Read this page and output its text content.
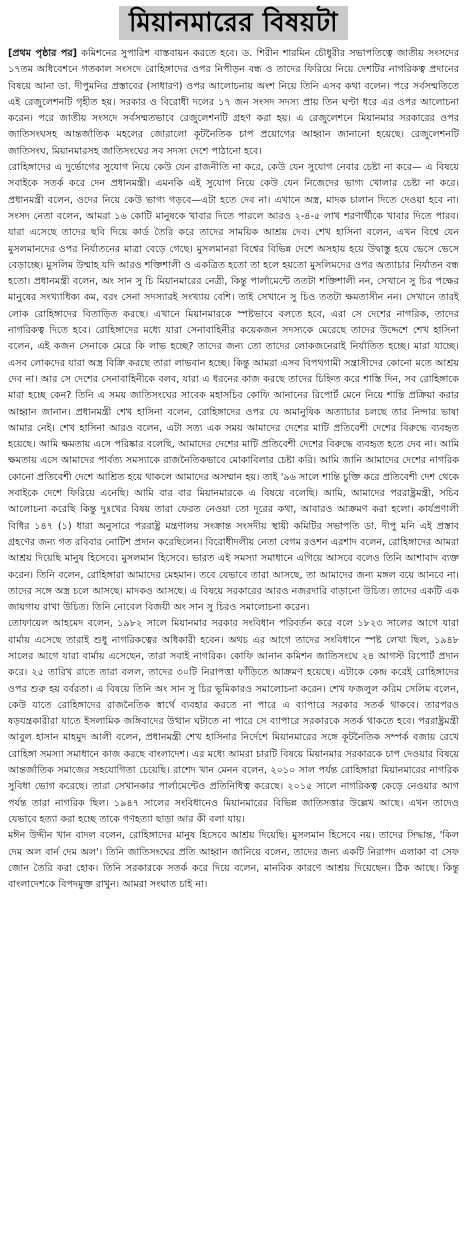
মিয়ানমারের বিষয়টা

[প্রথম পৃষ্ঠার পর] কমিশনের সুপারিশ বাস্তবায়ন করতে হবে। ড. শিরীন শারমিন চৌধুরীর সভাপতিত্বে জাতীয় সংসদের ১৭তম অধিবেশনে গতকাল সংসদে রোহিঙ্গাদের ওপর নিপীড়ন বন্ধ ও তাদের ফিরিয়ে নিয়ে দেশটির নাগরিকত্ব প্রদানের বিষয়ে আনা ডা. দীপুমনির প্রস্তাবের (সাধারণ) ওপর আলোচনায় অংশ নিয়ে তিনি এসব কথা বলেন। পরে সর্বসম্মতিতে এই রেজুলেশনটি গৃহীত হয়। সরকার ও বিরোধী দলের ১৭ জন সংসদ সদস্য প্রায় তিন ঘণ্টা ধরে এর ওপর আলোচনা করেন। পরে জাতীয় সংসদে সর্বসম্মতভাবে রেজুলেশনটি গ্রহণ করা হয়। এ রেজুলেশনে মিয়ানমার সরকারের ওপর জাতিসংঘসহ আন্তর্জাতিক মহলের জোরালো কূটনৈতিক চাপ প্রয়োগের আহ্বান জানানো হয়েছে। রেজুলেশনটি জাতিসংঘ, মিয়ানমারসহ জাতিসংঘের সব সদস্য দেশে পাঠানো হবে।

রোহিঙ্গাদের এ দুর্ভোগের সুযোগ নিয়ে কেউ যেন রাজনীতি না করে, কেউ যেন সুযোগ নেবার চেষ্টা না করে— এ বিষয়ে সবাইকে সতর্ক করে দেন প্রধানমন্ত্রী। এমনকি এই সুযোগ নিয়ে কেউ যেন নিজেদের ভাগ্য খোলার চেষ্টা না করে। প্রধানমন্ত্রী বলেন, ওদের নিয়ে কেউ ভাগ্য গড়বে—এটা হতে দেব না। এখানে অস্ত্র, মাদক চালান দিতে দেওয়া হবে না। সংসদ নেতা বলেন, আমরা ১৬ কোটি মানুষকে খাবার দিতে পারলে আরও ২-৪-৫ লাখ শরণার্থীকে খাবার দিতে পারব। যারা এসেছে তাদের ছবি দিয়ে কার্ড তৈরি করে তাদের সাময়িক আশ্রয় দেব। শেখ হাসিনা বলেন, এখন বিশ্বে যেন মুসলমানদের ওপর নির্যাতনের মাত্রা বেড়ে গেছে। মুসলমানরা বিশ্বের বিভিন্ন দেশে অসহায় হয়ে উদ্বাস্তু হয়ে ভেসে ভেসে বেড়াচ্ছে। মুসলিম উম্মাহ যদি আরও শক্তিশালী ও একত্রিত হতো তা হলে হয়তো মুসলিমদের ওপর অত্যাচার নির্যাতন বন্ধ হতো। প্রধানমন্ত্রী বলেন, অং সান সু চি মিয়ানমারের নেত্রী, কিন্তু পার্লামেন্টে ততটা শক্তিশালী নন, সেখানে সু চির পক্ষের মানুষের সংখ্যাধিক্য কম, বরং সেনা সদস্যারই সংখ্যায় বেশি। তাই সেখানে সু চিও ততটা ক্ষমতাসীন নন। সেখানে তারই লোক রোহিঙ্গাদের বিতাড়িত করছে। এখানে মিয়ানমারকে স্পষ্টভাবে বলতে হবে, এরা সে দেশের নাগরিক, তাদের নাগরিকত্ব দিতে হবে। রোহিঙ্গাদের মধ্যে যারা সেনাবাহিনীর কয়েকজন সদস্যকে মেরেছে তাদের উদ্দেশে শেখ হাসিনা বলেন, এই কজন সেনাকে মেরে কি লাভ হচ্ছে? তাদের জন্য তো তাদের লোকজনেরাই নির্যাতিত হচ্ছে। মারা যাচ্ছে। এসব লোকদের যারা অস্ত্র বিক্রি করছে তারা লাভবান হচ্ছে। কিন্তু আমরা এসব বিপথগামী সন্ত্রাসীদের কোনো মতে আশ্রয় দেব না। আর সে দেশের সেনাবাহিনীকে বলব, যারা এ ধরনের কাজ করছে তাদের চিহ্নিত করে শাস্তি দিন, সব রোহিঙ্গাকে মারা হচ্ছে কেন? তিনি এ সময় জাতিসংঘের সাবেক মহাসচিব কোফি আনানের রিপোর্ট মেনে নিয়ে শান্তি প্রক্রিয়া করার আহ্বান জানান। প্রধানমন্ত্রী শেখ হাসিনা বলেন, রোহিঙ্গাদের ওপর যে অমানুষিক অত্যাচার চলছে তার নিন্দার ভাষা আমার নেই। শেখ হাসিনা আরও বলেন, এটা সত্য এক সময় আমাদের দেশের মাটি প্রতিবেশী দেশের বিরুদ্ধে ব্যবহৃত হয়েছে। আমি ক্ষমতায় এসে পরিষ্কার বলেছি, আমাদের দেশের মাটি প্রতিবেশী দেশের বিরুদ্ধে ব্যবহৃত হতে দেব না। আমি ক্ষমতায় এসে আমাদের পার্বত্য সমস্যাকে রাজনৈতিকভাবে মোকাবিলার চেষ্টা করি। আমি জানি আমাদের দেশের নাগরিক কোনো প্রতিবেশী দেশে আশ্রিত হয়ে থাকলে আমাদের অসম্মান হয়। তাই '৯৬ সালে শান্তি চুক্তি করে প্রতিবেশী দেশ থেকে সবাইকে দেশে ফিরিয়ে এনেছি। আমি বার বার মিয়ানমারকে এ বিষয়ে বলেছি। আমি, আমাদের পররাষ্ট্রমন্ত্রী, সচিব আলোচনা করেছি কিন্তু দুঃখের বিষয় তারা ফেরত নেওয়া তো দূরের কথা, আবারও আক্রমণ করা হলো। কার্যপ্রণালী বিধির ১৪৭ (১) ধারা অনুসারে পররাষ্ট্র মন্ত্রণালয় সংক্রান্ত সংসদীয় স্থায়ী কমিটির সভাপতি ডা. দীপু মনি এই প্রস্তাব গ্রহণের জন্য গত রবিবার নোটিশ প্রদান করেছিলেন। বিরোধীদলীয় নেতা বেগম রওশন এরশাদ বলেন, রোহিঙ্গাদের আমরা আশ্রয় দিয়েছি মানুষ হিসেবে। মুসলমান হিসেবে। ভারত এই সমস্যা সমাধানে এগিয়ে আসবে বলেও তিনি আশাবাদ ব্যক্ত করেন। তিনি বলেন, রোহিঙ্গারা আমাদের মেহমান। তবে যেভাবে তারা আসছে, তা আমাদের জন্য মঙ্গল বয়ে আনবে না। তাদের সঙ্গে অস্ত্র চলে আসছে। মাদকও আসছে। এ বিষয়ে সরকারের আরও নজরদারি বাড়ানো উচিত। তাদের একটি এক জায়গায় রাখা উচিত। তিনি নোবেল বিজয়ী অং সান সু চিরও সমালোচনা করেন।

তোফায়েল আহমেদ বলেন, ১৯৮২ সালে মিয়ানমার সরকার সংবিধান পরিবর্তন করে বলে ১৮২৩ সালের আগে যারা বার্মায় এসেছে তারাই শুধু নাগরিকত্বের অধিকারী হবেন। অথচ এর আগে তাদের সংবিধানে স্পষ্ট লেখা ছিল, ১৯৪৮ সালের আগে যারা বার্মায় এসেছেন, তারা সবাই নাগরিক। কোফি আনান কমিশন জাতিসংঘে ২৪ আগস্ট রিপোর্ট প্রদান করে। ২৫ তারিখ রাতে তারা বলল, তাদের ৩০টি নিরাপত্তা ফাঁড়িতে আক্রমণ হয়েছে। এটাকে কেন্দ্র করেই রোহিঙ্গাদের ওপর শুরু হয় বর্বরতা। এ বিষয়ে তিনি অং সান সু চির ভূমিকারও সমালোচনা করেন। শেখ ফজলুল করিম সেলিম বলেন, কেউ যাতে রোহিঙ্গাদের রাজনৈতিক স্বার্থে ব্যবহার করতে না পারে এ ব্যাপারে সরকার সতর্ক থাকবে। তারপরও ষড়যন্ত্রকারীরা যাতে ইসলামিক জঙ্গিবাদের উত্থান ঘটাতে না পারে সে ব্যাপারে সরকারকে সতর্ক থাকতে হবে। পররাষ্ট্রমন্ত্রী আবুল হাসান মাহমুদ আলী বলেন, প্রধানমন্ত্রী শেখ হাসিনার নির্দেশে মিয়ানমারের সঙ্গে কূটনৈতিক সম্পর্ক বজায় রেখে রোহিঙ্গা সমস্যা সমাধানে কাজ করছে বাংলাদেশ। এর মধ্যে আমরা চারটি বিষয়ে মিয়ানমার সরকারকে চাপ দেওয়ার বিষয়ে আন্তর্জাতিক সমাজের সহযোগিতা চেয়েছি। রাশেদ খান মেনন বলেন, ২০১০ সাল পর্যন্ত রোহিঙ্গারা মিয়ানমারের নাগরিক সুবিধা ভোগ করেছে। তারা সেখানকার পার্লামেন্টেও প্রতিনিধিত্ব করেছে। ২০১৫ সালে নাগরিকত্ব কেড়ে নেওয়ার আগ পর্যন্ত তারা নাগরিক ছিল। ১৯৪৭ সালের সংবিধানেও মিয়ানমারের বিভিন্ন জাতিসত্তার উল্লেখ আছে। এখন তাদেও যেভাবে হত্যা করা হচ্ছে তাকে গণহত্যা ছাড়া আর কী বলা যায়।

মঈন উদ্দীন খান বাদল বলেন, রোহিঙ্গাদের মানুষ হিসেবে আশ্রয় দিয়েছি। মুসলমান হিসেবে নয়। তাদের সিদ্ধান্ত, 'কিল দেম অল বার্ন দেম অল'। তিনি জাতিসংঘের প্রতি আহ্বান জানিয়ে বলেন, তাদের জন্য একটি নিরাপদ এলাকা বা সেফ জোন তৈরি করা হোক। তিনি সরকারকে সতর্ক করে দিয়ে বলেন, মানবিক কারণে আশ্রয় দিয়েছেন। ঠিক আছে। কিন্তু বাংলাদেশকে বিপদমুক্ত রাখুন। আমরা সংঘাত চাই না।
